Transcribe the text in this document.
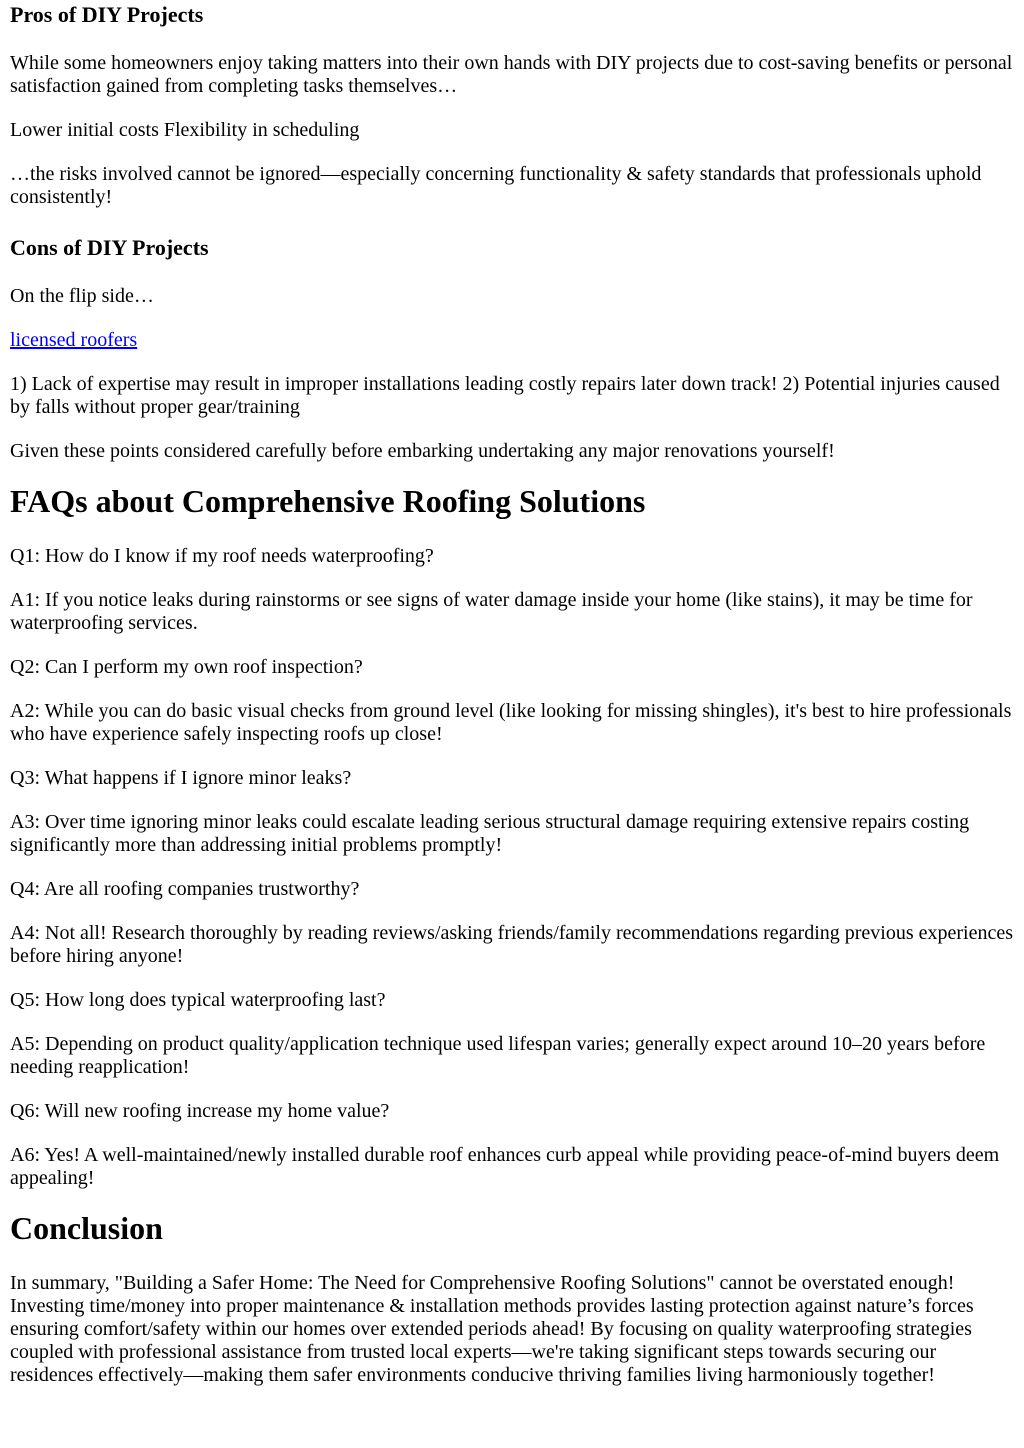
Pros of DIY Projects

While some homeowners enjoy taking matters into their own hands with DIY projects due to cost-saving benefits or personal satisfaction gained from completing tasks themselves…

Lower initial costs Flexibility in scheduling

…the risks involved cannot be ignored—especially concerning functionality & safety standards that professionals uphold consistently!

Cons of DIY Projects

On the flip side…

licensed roofers

1) Lack of expertise may result in improper installations leading costly repairs later down track! 2) Potential injuries caused by falls without proper gear/training

Given these points considered carefully before embarking undertaking any major renovations yourself!

FAQs about Comprehensive Roofing Solutions

Q1: How do I know if my roof needs waterproofing?

A1: If you notice leaks during rainstorms or see signs of water damage inside your home (like stains), it may be time for waterproofing services.

Q2: Can I perform my own roof inspection?

A2: While you can do basic visual checks from ground level (like looking for missing shingles), it's best to hire professionals who have experience safely inspecting roofs up close!

Q3: What happens if I ignore minor leaks?

A3: Over time ignoring minor leaks could escalate leading serious structural damage requiring extensive repairs costing significantly more than addressing initial problems promptly!

Q4: Are all roofing companies trustworthy?

A4: Not all! Research thoroughly by reading reviews/asking friends/family recommendations regarding previous experiences before hiring anyone!

Q5: How long does typical waterproofing last?

A5: Depending on product quality/application technique used lifespan varies; generally expect around 10–20 years before needing reapplication!

Q6: Will new roofing increase my home value?

A6: Yes! A well-maintained/newly installed durable roof enhances curb appeal while providing peace-of-mind buyers deem appealing!

Conclusion

In summary, "Building a Safer Home: The Need for Comprehensive Roofing Solutions" cannot be overstated enough! Investing time/money into proper maintenance & installation methods provides lasting protection against nature’s forces ensuring comfort/safety within our homes over extended periods ahead! By focusing on quality waterproofing strategies coupled with professional assistance from trusted local experts—we're taking significant steps towards securing our residences effectively—making them safer environments conducive thriving families living harmoniously together!
